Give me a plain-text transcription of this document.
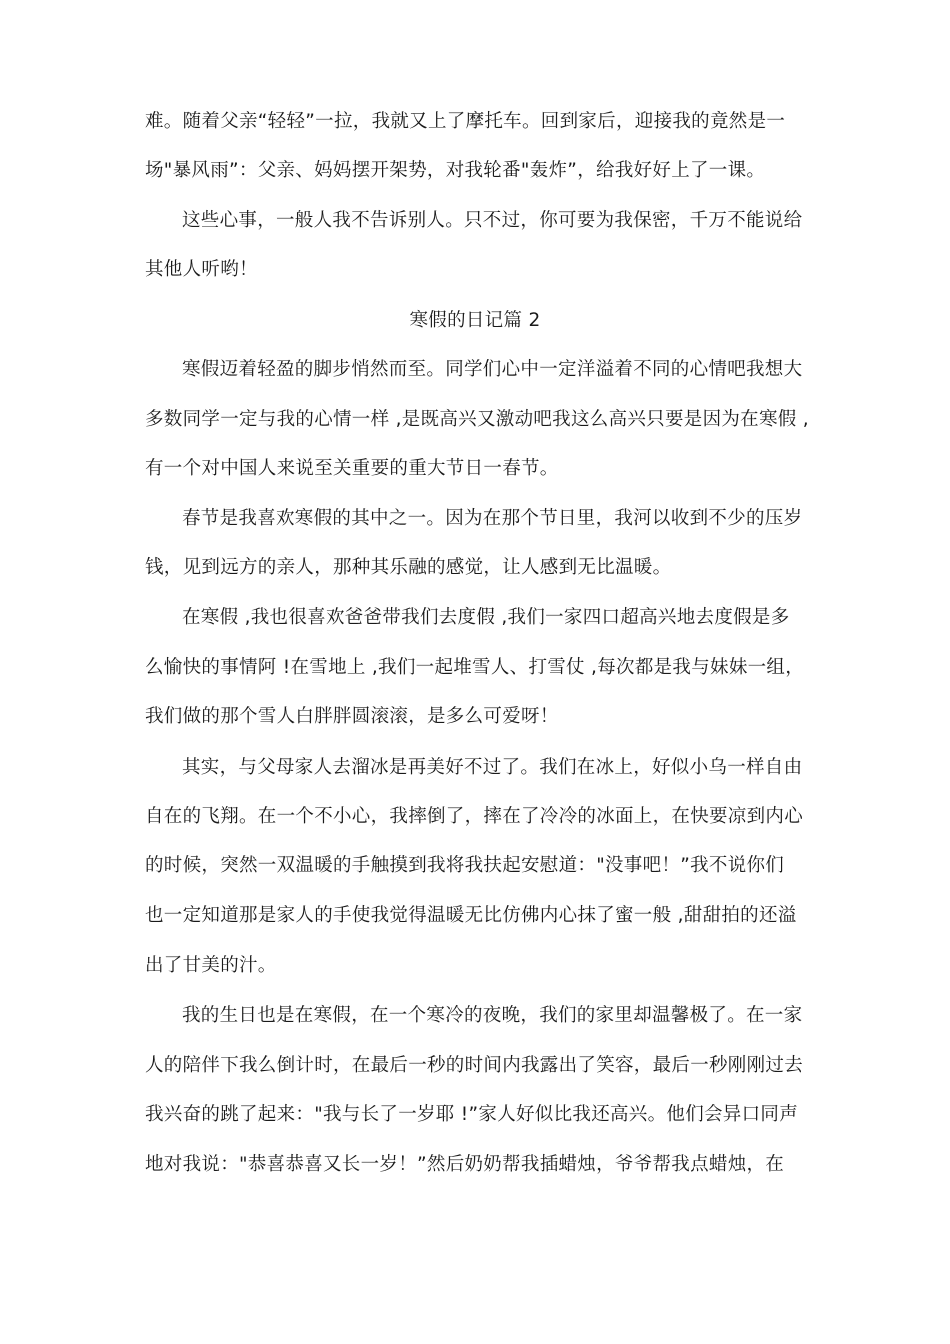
难。随着父亲“轻轻”一拉，我就又上了摩托车。回到家后，迎接我的竟然是一
场"暴风雨”：父亲、妈妈摆开架势，对我轮番"轰炸”，给我好好上了一课。
这些心事，一般人我不告诉别人。只不过，你可要为我保密，千万不能说给
其他人听哟！
寒假的日记篇 2
寒假迈着轻盈的脚步悄然而至。同学们心中一定洋溢着不同的心情吧我想大
多数同学一定与我的心情一样 ,是既高兴又激动吧我这么高兴只要是因为在寒假 ,
有一个对中国人来说至关重要的重大节日一春节。
春节是我喜欢寒假的其中之一。因为在那个节日里，我河以收到不少的压岁
钱，见到远方的亲人，那种其乐融的感觉，让人感到无比温暖。
在寒假 ,我也很喜欢爸爸带我们去度假 ,我们一家四口超高兴地去度假是多
么愉快的事情阿 !在雪地上 ,我们一起堆雪人、打雪仗 ,每次都是我与妹妹一组，
我们做的那个雪人白胖胖圆滚滚，是多么可爱呀！
其实，与父母家人去溜冰是再美好不过了。我们在冰上，好似小乌一样自由
自在的飞翔。在一个不小心，我摔倒了，摔在了冷冷的冰面上，在快要凉到内心
的时候，突然一双温暖的手触摸到我将我扶起安慰道："没事吧！”我不说你们
也一定知道那是家人的手使我觉得温暖无比仿佛内心抹了蜜一般 ,甜甜拍的还溢
出了甘美的汁。
我的生日也是在寒假，在一个寒冷的夜晚，我们的家里却温馨极了。在一家
人的陪伴下我么倒计时，在最后一秒的时间内我露出了笑容，最后一秒刚刚过去
我兴奋的跳了起来："我与长了一岁耶 !”家人好似比我还高兴。他们会异口同声
地对我说："恭喜恭喜又长一岁！”然后奶奶帮我插蜡烛，爷爷帮我点蜡烛，在
